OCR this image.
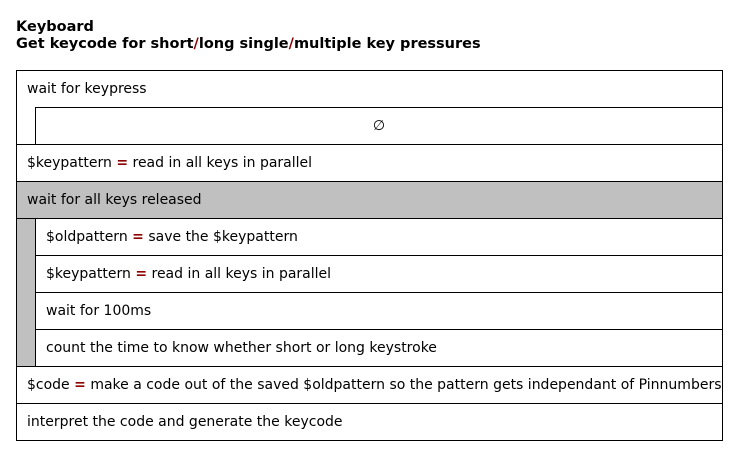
Keyboard
Get keycode for short/long single/multiple key pressures
wait for keypress
∅
$keypattern
=
read in all keys in parallel
wait for all keys released
$oldpattern
=
save the $keypattern
$keypattern
=
read in all keys in parallel
wait for 100ms
count the time to know whether short or long keystroke
$code
=
make a code out of the saved $oldpattern so the pattern gets independant of Pinnumbers
interpret the code and generate the keycode
